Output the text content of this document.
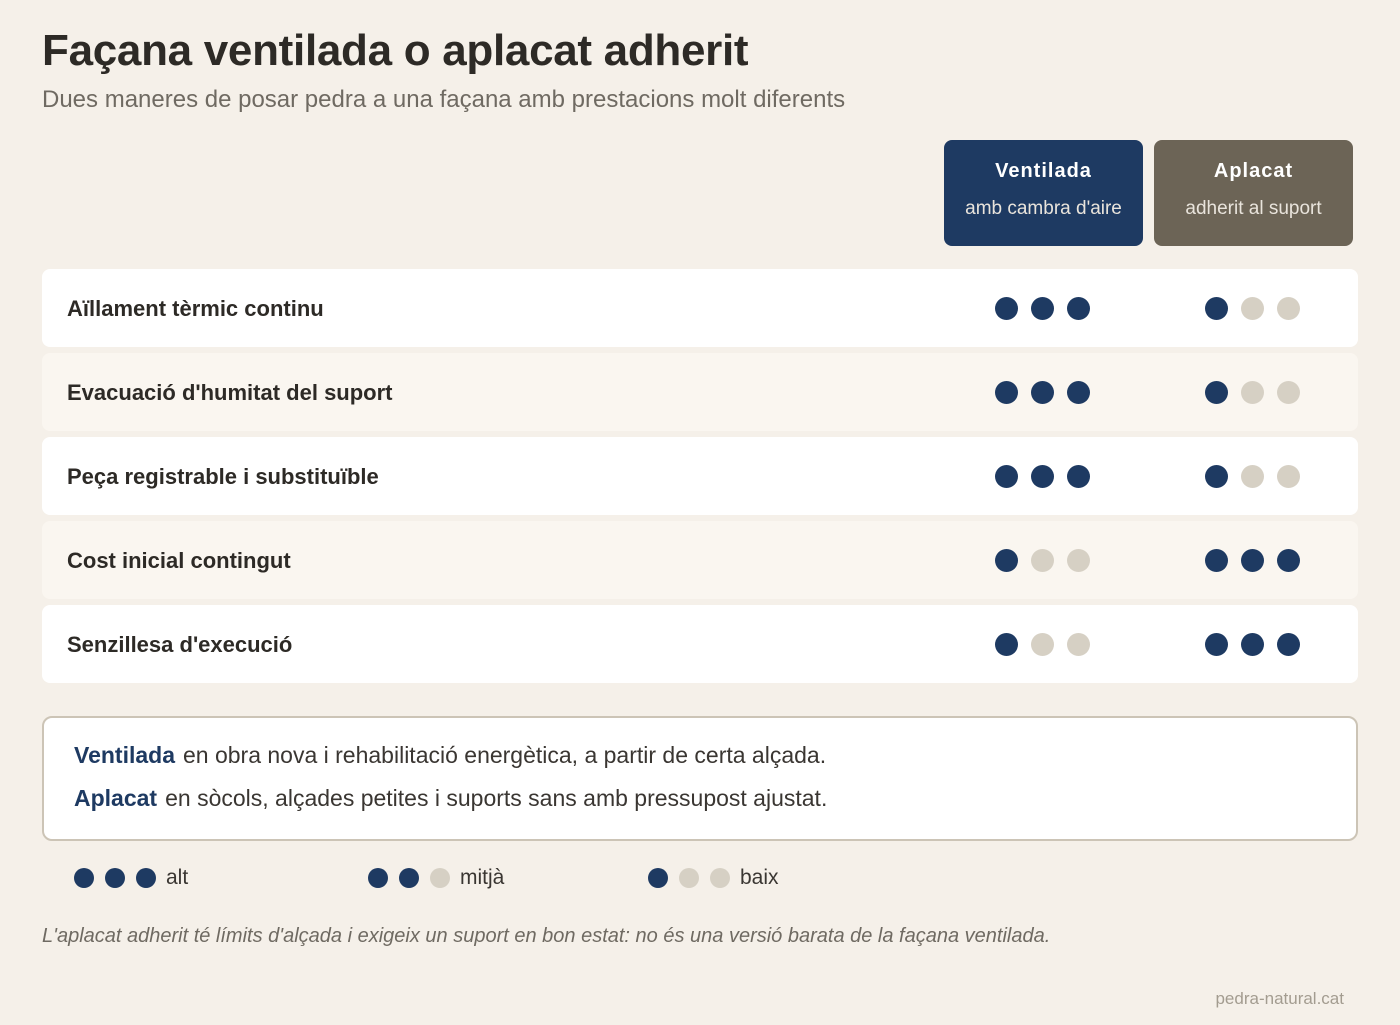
Façana ventilada o aplacat adherit
Dues maneres de posar pedra a una façana amb prestacions molt diferents
Ventilada
amb cambra d'aire
Aplacat
adherit al suport
Aïllament tèrmic continu
Evacuació d'humitat del suport
Peça registrable i substituïble
Cost inicial contingut
Senzillesa d'execució
Ventilada en obra nova i rehabilitació energètica, a partir de certa alçada.
Aplacat en sòcols, alçades petites i suports sans amb pressupost ajustat.
alt	mitjà	baix
L'aplacat adherit té límits d'alçada i exigeix un suport en bon estat: no és una versió barata de la façana ventilada.
pedra-natural.cat
